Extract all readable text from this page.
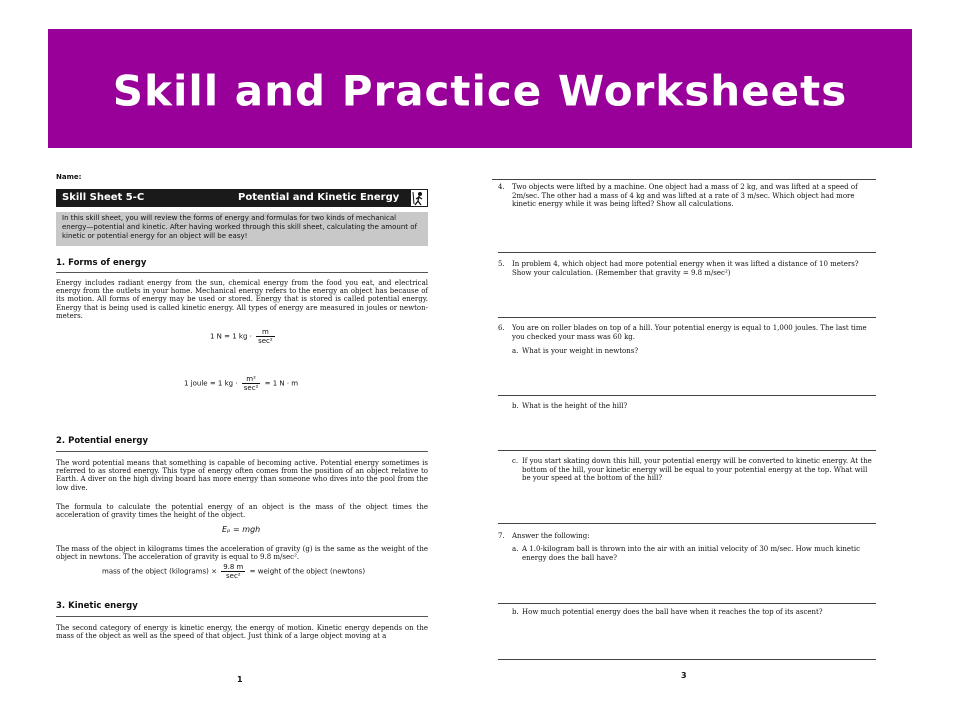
Skill and Practice Worksheets
Name:
Skill Sheet 5-C	Potential and Kinetic Energy
In this skill sheet, you will review the forms of energy and formulas for two kinds of mechanical energy—potential and kinetic. After having worked through this skill sheet, calculating the amount of kinetic or potential energy for an object will be easy!
1. Forms of energy
Energy includes radiant energy from the sun, chemical energy from the food you eat, and electrical energy from the outlets in your home. Mechanical energy refers to the energy an object has because of its motion. All forms of energy may be used or stored. Energy that is stored is called potential energy. Energy that is being used is called kinetic energy. All types of energy are measured in joules or newton-meters.
1 N = 1 kg · $\frac{m}{\text{sec²}}$
1 joule = 1 kg · $\frac{\text{m²}}{\text{sec²}} = 1$ N · m
2. Potential energy
The word potential means that something is capable of becoming active. Potential energy sometimes is referred to as stored energy. This type of energy often comes from the position of an object relative to Earth. A diver on the high diving board has more energy than someone who dives into the pool from the low dive.
The formula to calculate the potential energy of an object is the mass of the object times the acceleration of gravity times the height of the object.
Eₚ = mgh
The mass of the object in kilograms times the acceleration of gravity (g) is the same as the weight of the object in newtons. The acceleration of gravity is equal to 9.8 m/sec².
mass of the object (kilograms) × $\frac{9.8 m}{\text{sec²}}$ = weight of the object (newtons)
3. Kinetic energy
The second category of energy is kinetic energy, the energy of motion. Kinetic energy depends on the mass of the object as well as the speed of that object. Just think of a large object moving at a
1
4. Two objects were lifted by a machine. One object had a mass of 2 kg, and was lifted at a speed of 2m/sec. The other had a mass of 4 kg and was lifted at a rate of 3 m/sec. Which object had more kinetic energy while it was being lifted? Show all calculations.
5. In problem 4, which object had more potential energy when it was lifted a distance of 10 meters? Show your calculation. (Remember that gravity = 9.8 m/sec²)
6. You are on roller blades on top of a hill. Your potential energy is equal to 1,000 joules. The last time you checked your mass was 60 kg.
a. What is your weight in newtons?
b. What is the height of the hill?
c. If you start skating down this hill, your potential energy will be converted to kinetic energy. At the bottom of the hill, your kinetic energy will be equal to your potential energy at the top. What will be your speed at the bottom of the hill?
7. Answer the following:
a. A 1.0-kilogram ball is thrown into the air with an initial velocity of 30 m/sec. How much kinetic energy does the ball have?
b. How much potential energy does the ball have when it reaches the top of its ascent?
3
